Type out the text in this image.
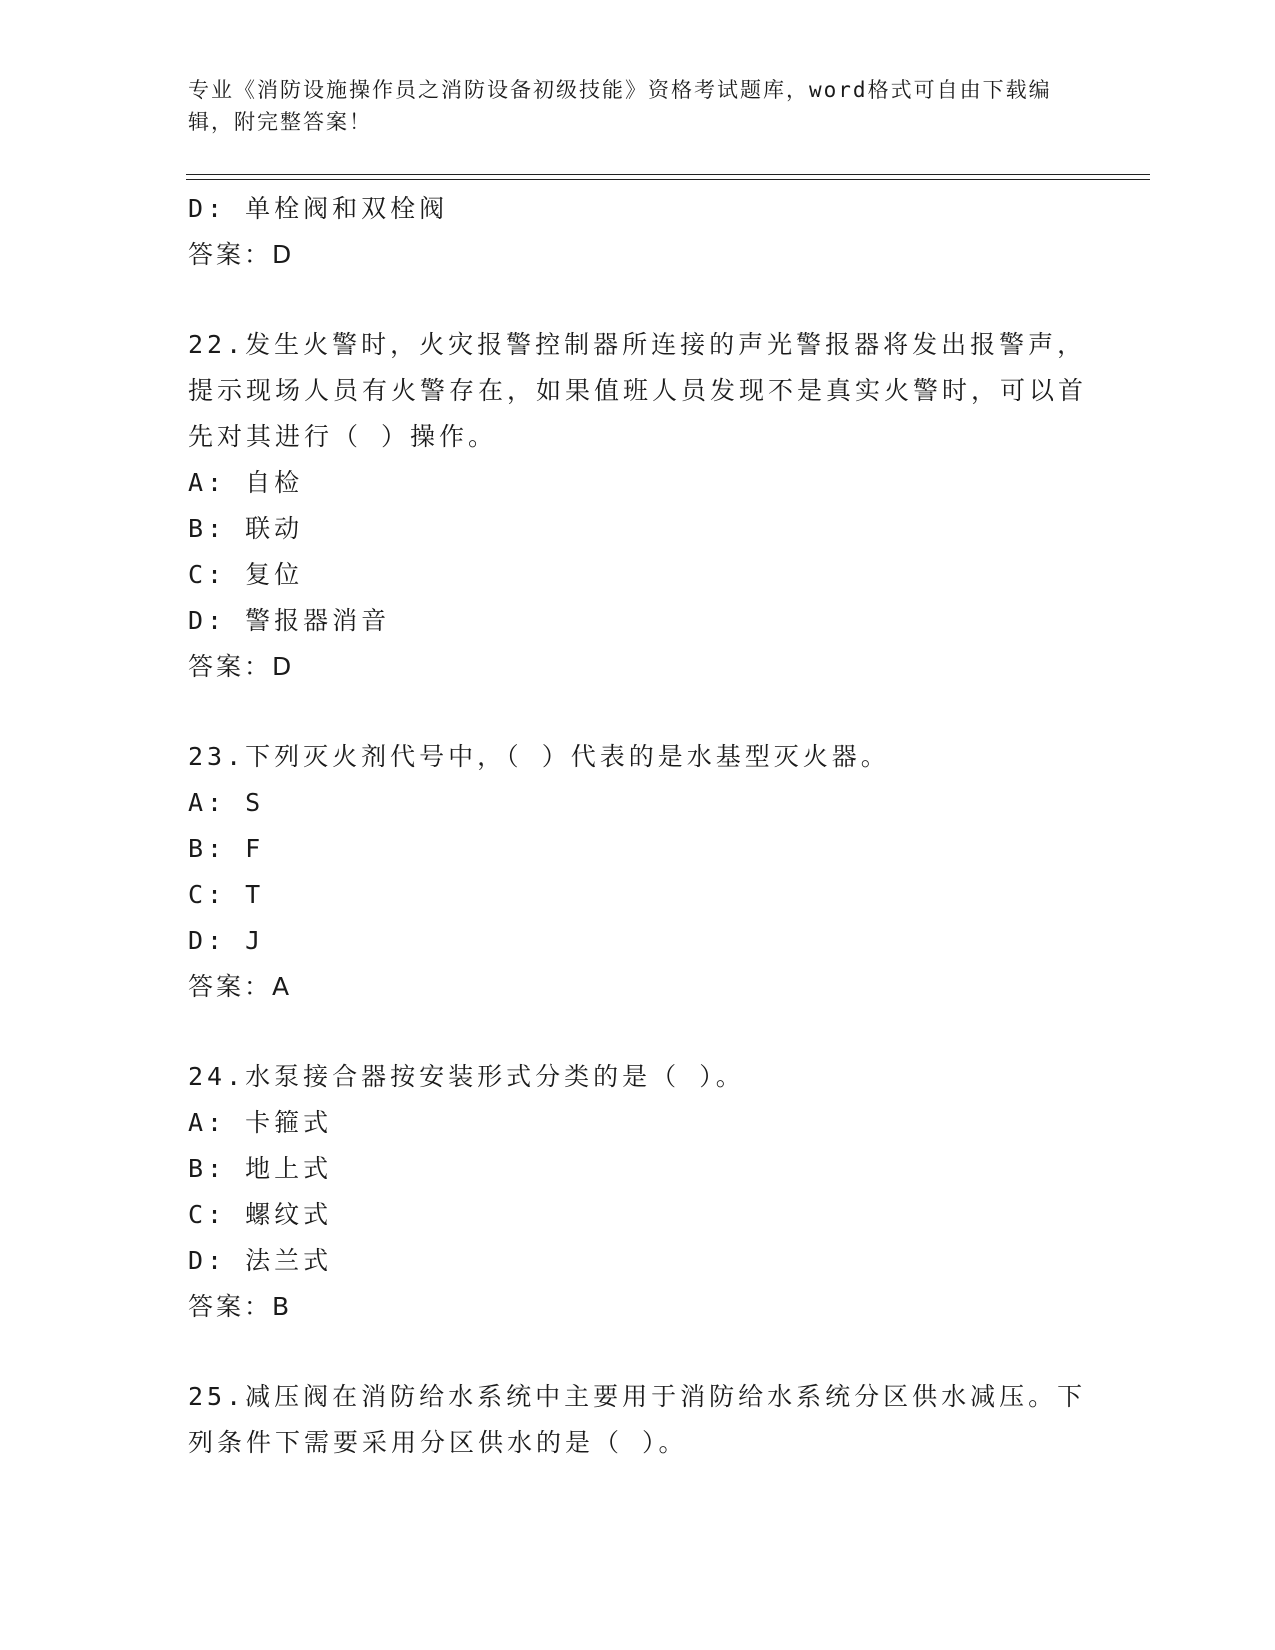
专业《消防设施操作员之消防设备初级技能》资格考试题库，word格式可自由下载编辑，附完整答案！
D: 单栓阀和双栓阀
答案：D
22.发生火警时，火灾报警控制器所连接的声光警报器将发出报警声，提示现场人员有火警存在，如果值班人员发现不是真实火警时，可以首先对其进行（ ）操作。
A: 自检
B: 联动
C: 复位
D: 警报器消音
答案：D
23.下列灭火剂代号中，（ ）代表的是水基型灭火器。
A: S
B: F
C: T
D: J
答案：A
24.水泵接合器按安装形式分类的是（ ）。
A: 卡箍式
B: 地上式
C: 螺纹式
D: 法兰式
答案：B
25.减压阀在消防给水系统中主要用于消防给水系统分区供水减压。下列条件下需要采用分区供水的是（ ）。
